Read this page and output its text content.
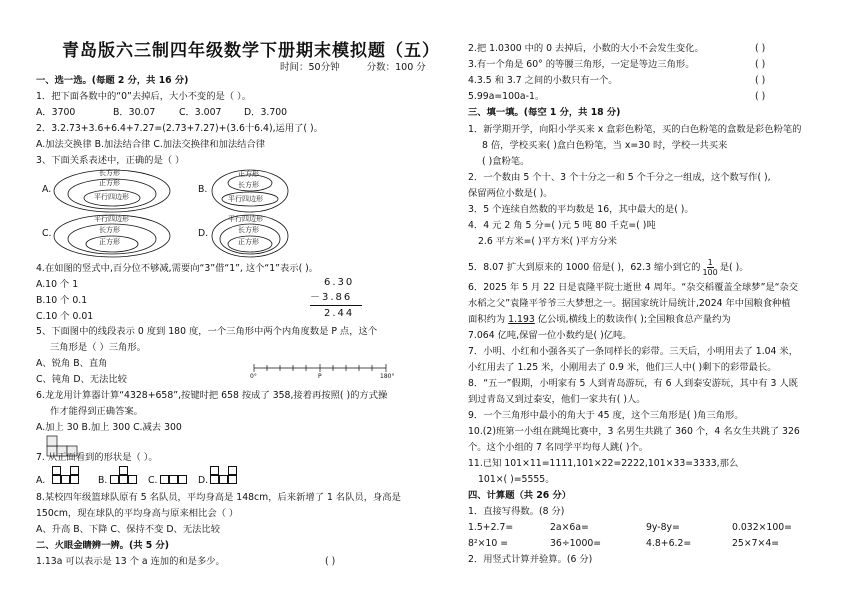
青岛版六三制四年级数学下册期末模拟题（五）
时间：50分钟	分数：100 分
一、选一选。(每题 2 分，共 16 分)
1．把下面各数中的“0”去掉后，大小不变的是（ ）。
A．3700	B．30.07	C．3.007 D．3.700
2．3.2.73+3.6+6.4+7.27=(2.73+7.27)+(3.6十6.4),运用了( )。
A.加法交换律 B.加法结合律 C.加法交换律和加法结合律
3、下面关系表述中，正确的是（ ）
A.
长方形
正方形
平行四边形
B.
正方形
长方形
平行四边形
C.
平行四边形
长方形
正方形
D.
平行四边形
长方形
正方形
4.在如图的竖式中,百分位不够减,需要向“3”借“1”, 这个“1”表示( )。
A.10 个 1
B.10 个 0.1
C.10 个 0.01
6.30
－3.86
2.44
5、下面图中的线段表示 0 度到 180 度，一个三角形中两个内角度数是 P 点，这个
三角形是（ ）三角形。
A、锐角 B、直角
C、钝角 D、无法比较	0°	P	180°
6.龙龙用计算器计算“4328+658”,按键时把 658 按成了 358,接着再按照( )的方式操
作才能得到正确答案。
A.加上 30 B.加上 300 C.减去 300
7. 从正面看到的形状是（ ）。
A.	B.	C.	D.
8.某校四年级篮球队原有 5 名队员，平均身高是 148cm，后来新增了 1 名队员，身高是
150cm，现在球队的平均身高与原来相比会（ ）
A、升高 B、下降 C、保持不变 D、无法比较
二、火眼金睛辨一辨。(共 5 分)
1.13a 可以表示是 13 个 a 连加的和是多少。	( )
2.把 1.0300 中的 0 去掉后，小数的大小不会发生变化。	( )
3.有一个角是 60° 的等腰三角形，一定是等边三角形。	( )
4.3.5 和 3.7 之间的小数只有一个。	( )
5.99a=100a-1。	( )
三、填一填。(每空 1 分，共 18 分)
1．新学期开学，向阳小学买来 x 盒彩色粉笔，买的白色粉笔的盒数是彩色粉笔的
8 倍，学校买来( )盒白色粉笔，当 x=30 时，学校一共买来
( )盒粉笔。
2．一个数由 5 个十、3 个十分之一和 5 个千分之一组成，这个数写作( ),
保留两位小数是( )。
3．5 个连续自然数的平均数是 16，其中最大的是( )。
4．4 元 2 角 5 分=( )元 5 吨 80 千克=( )吨
2.6 平方米=( )平方米( )平方分米
5．8.07 扩大到原来的 1000 倍是( )，62.3 缩小到它的 $\frac{1}{100}$ 是( )。
6．2025 年 5 月 22 日是袁隆平院士逝世 4 周年。“杂交稻覆盖全球梦”是“杂交
水稻之父”袁隆平爷爷三大梦想之一。据国家统计局统计,2024 年中国粮食种植
面积约为 1.193 亿公顷,横线上的数读作( );全国粮食总产量约为
7.064 亿吨,保留一位小数约是( )亿吨。
7．小明、小红和小强各买了一条同样长的彩带。三天后，小明用去了 1.04 米，
小红用去了 1.25 米，小刚用去了 0.9 米，他们三人中( )剩下的彩带最长。
8．“五一”假期，小明家有 5 人到青岛游玩，有 6 人到泰安游玩，其中有 3 人既
到过青岛又到过泰安，他们一家共有( )人。
9．一个三角形中最小的角大于 45 度，这个三角形是( )角三角形。
10.(2)班第一小组在跳绳比赛中，3 名男生共跳了 360 个，4 名女生共跳了 326
个。这个小组的 7 名同学平均每人跳( )个。
11.已知 101×11=1111,101×22=2222,101×33=3333,那么
101×( )=5555。
四、计算题（共 26 分）
1．直接写得数。(8 分)
1.5+2.7=	2a×6a=	9y-8y=	0.032×100=
8²×10 =	36÷1000=	4.8+6.2=	25×7×4=
2．用竖式计算并验算。(6 分)
